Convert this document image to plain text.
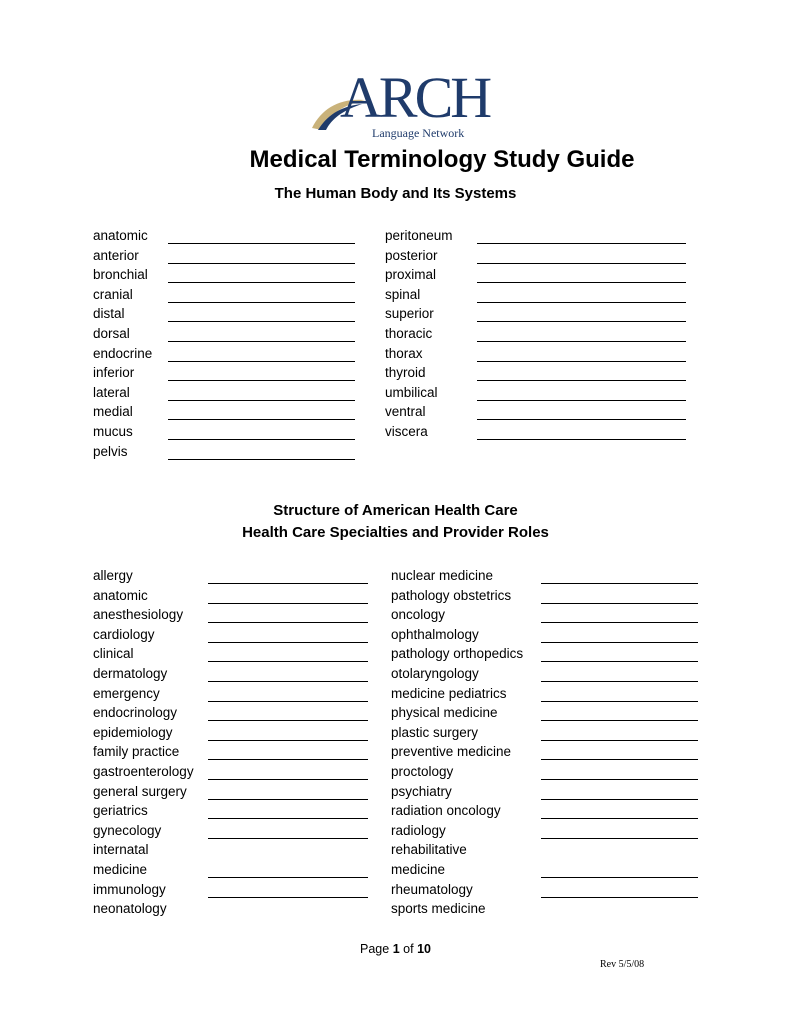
ARCH
Language Network
Medical Terminology Study Guide
The Human Body and Its Systems
anatomic
anterior
bronchial
cranial
distal
dorsal
endocrine
inferior
lateral
medial
mucus
pelvis
peritoneum
posterior
proximal
spinal
superior
thoracic
thorax
thyroid
umbilical
ventral
viscera
Structure of American Health Care
Health Care Specialties and Provider Roles
allergy
anatomic
anesthesiology
cardiology
clinical
dermatology
emergency
endocrinology
epidemiology
family practice
gastroenterology
general surgery
geriatrics
gynecology
internatal
medicine
immunology
neonatology
nuclear medicine
pathology obstetrics
oncology
ophthalmology
pathology orthopedics
otolaryngology
medicine pediatrics
physical medicine
plastic surgery
preventive medicine
proctology
psychiatry
radiation oncology
radiology
rehabilitative
medicine
rheumatology
sports medicine
Page 1 of 10
Rev 5/5/08
